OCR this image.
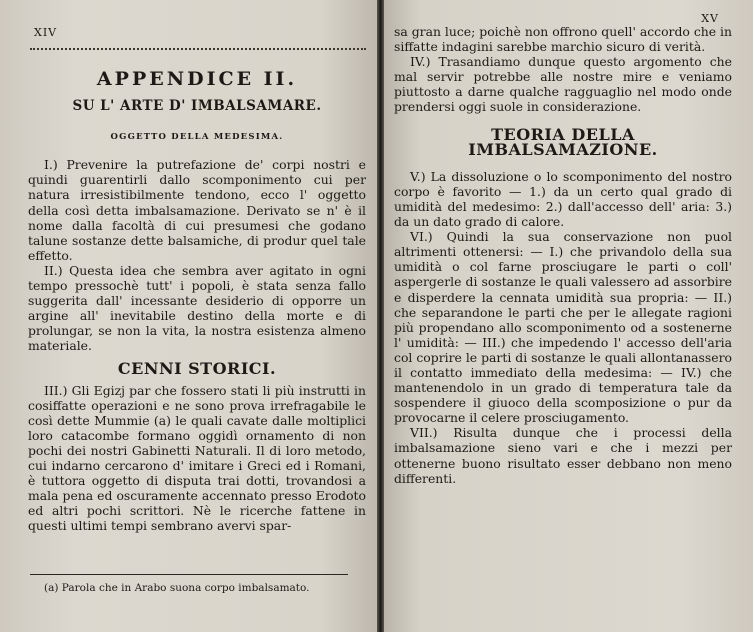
XIV
APPENDICE II.
SU L' ARTE D' IMBALSAMARE.
OGGETTO DELLA MEDESIMA.

I.) Prevenire la putrefazione de' corpi nostri e quindi guarentirli dallo scomponimento cui per natura irresistibilmente tendono, ecco l' oggetto della così detta imbalsamazione. Derivato se n' è il nome dalla facoltà di cui presumesi che godano talune sostanze dette balsamiche, di produr quel tale effetto.

II.) Questa idea che sembra aver agitato in ogni tempo pressochè tutt' i popoli, è stata senza fallo suggerita dall' incessante desiderio di opporre un argine all' inevitabile destino della morte e di prolungar, se non la vita, la nostra esistenza almeno materiale.

CENNI STORICI.

III.) Gli Egizj par che fossero stati li più instrutti in cosiffatte operazioni e ne sono prova irrefragabile le così dette Mummie (a) le quali cavate dalle moltiplici loro catacombe formano oggidì ornamento di non pochi dei nostri Gabinetti Naturali. Il di loro metodo, cui indarno cercarono d' imitare i Greci ed i Romani, è tuttora oggetto di disputa trai dotti, trovandosi a mala pena ed oscuramente accennato presso Erodoto ed altri pochi scrittori. Nè le ricerche fattene in questi ultimi tempi sembrano avervi spar-

(a) Parola che in Arabo suona corpo imbalsamato.
XV

sa gran luce; poichè non offrono quell' accordo che in siffatte indagini sarebbe marchio sicuro di verità.

IV.) Trasandiamo dunque questo argomento che mal servir potrebbe alle nostre mire e veniamo piuttosto a darne qualche ragguaglio nel modo onde prendersi oggi suole in considerazione.

TEORIA DELLA IMBALSAMAZIONE.

V.) La dissoluzione o lo scomponimento del nostro corpo è favorito — 1.) da un certo qual grado di umidità del medesimo: 2.) dall'accesso dell' aria: 3.) da un dato grado di calore.

VI.) Quindi la sua conservazione non puol altrimenti ottenersi: — I.) che privandolo della sua umidità o col farne prosciugare le parti o coll' aspergerle di sostanze le quali valessero ad assorbire e disperdere la cennata umidità sua propria: — II.) che separandone le parti che per le allegate ragioni più propendano allo scomponimento od a sostenerne l' umidità: — III.) che impedendo l' accesso dell'aria col coprire le parti di sostanze le quali allontanassero il contatto immediato della medesima: — IV.) che mantenendolo in un grado di temperatura tale da sospendere il giuoco della scomposizione o pur da provocarne il celere prosciugamento.

VII.) Risulta dunque che i processi della imbalsamazione sieno vari e che i mezzi per ottenerne buono risultato esser debbano non meno differenti.
